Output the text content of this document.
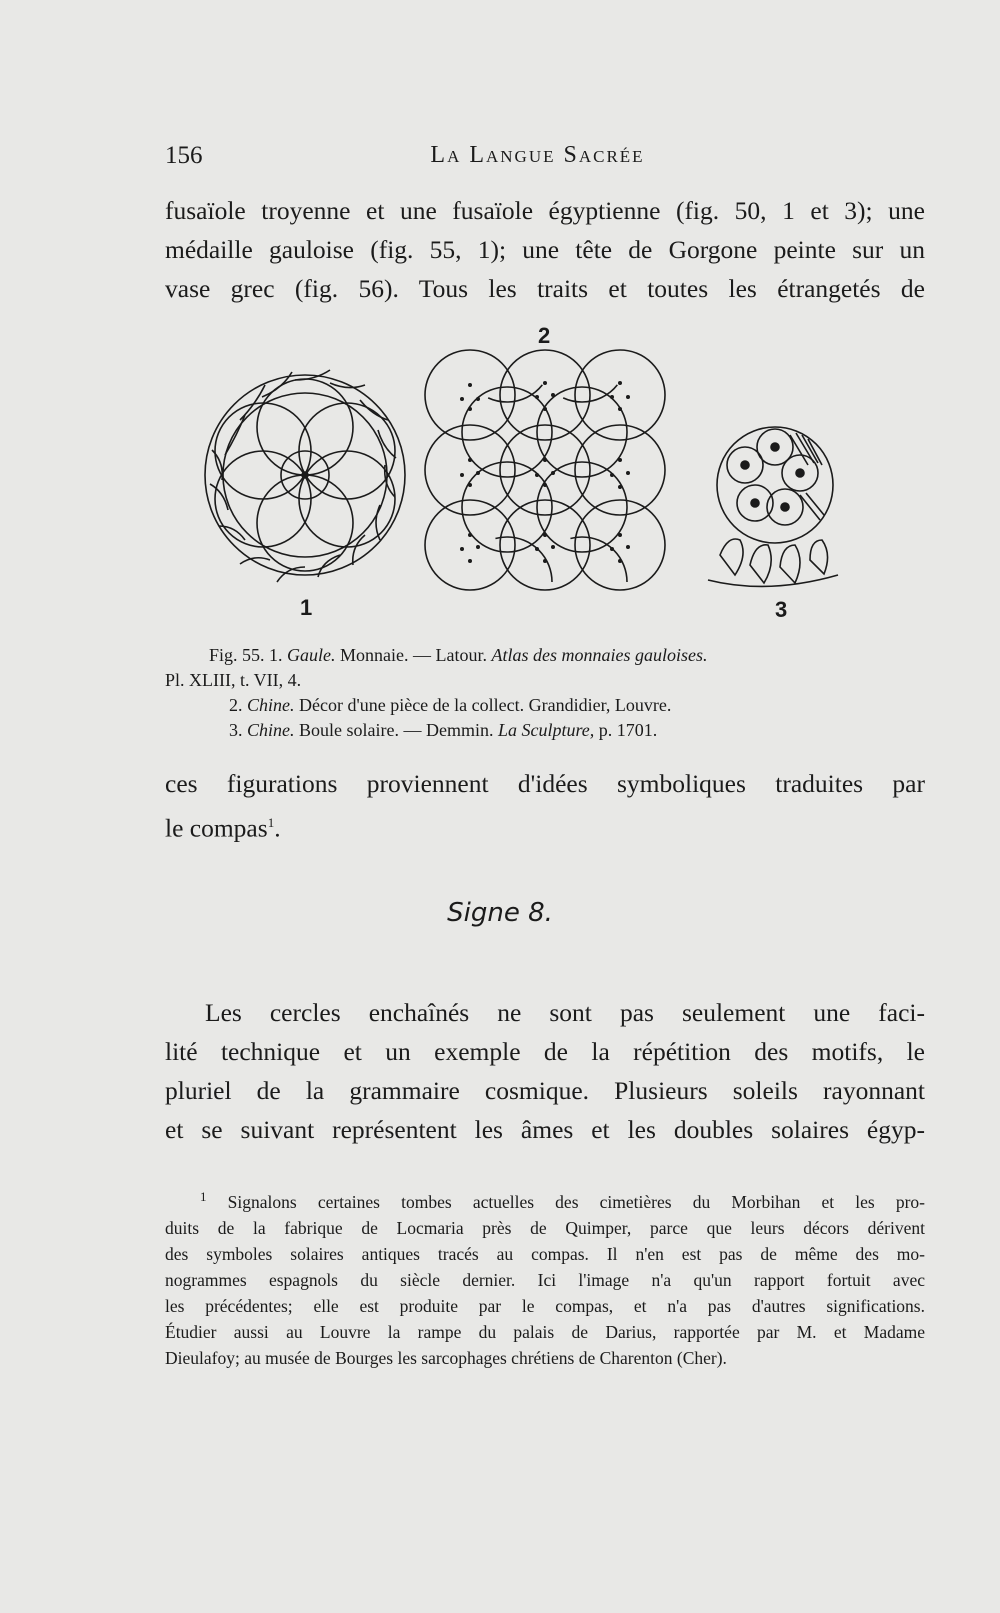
156	La Langue Sacrée
fusaïole troyenne et une fusaïole égyptienne (fig. 50, 1 et 3); une
médaille gauloise (fig. 55, 1); une tête de Gorgone peinte sur un
vase grec (fig. 56). Tous les traits et toutes les étrangetés de
1
2
3
Fig. 55. 1. Gaule. Monnaie. — Latour. Atlas des monnaies gauloises.
Pl. XLIII, t. VII, 4.
2. Chine. Décor d'une pièce de la collect. Grandidier, Louvre.
3. Chine. Boule solaire. — Demmin. La Sculpture, p. 1701.
ces figurations proviennent d'idées symboliques traduites par
le compas$^1$.
Signe 8.
Les cercles enchaînés ne sont pas seulement une faci-
lité technique et un exemple de la répétition des motifs, le
pluriel de la grammaire cosmique. Plusieurs soleils rayonnant
et se suivant représentent les âmes et les doubles solaires égyp-
$^1$ Signalons certaines tombes actuelles des cimetières du Morbihan et les pro-
duits de la fabrique de Locmaria près de Quimper, parce que leurs décors dérivent
des symboles solaires antiques tracés au compas. Il n'en est pas de même des mo-
nogrammes espagnols du siècle dernier. Ici l'image n'a qu'un rapport fortuit avec
les précédentes; elle est produite par le compas, et n'a pas d'autres significations.
Étudier aussi au Louvre la rampe du palais de Darius, rapportée par M. et Madame
Dieulafoy; au musée de Bourges les sarcophages chrétiens de Charenton (Cher).
